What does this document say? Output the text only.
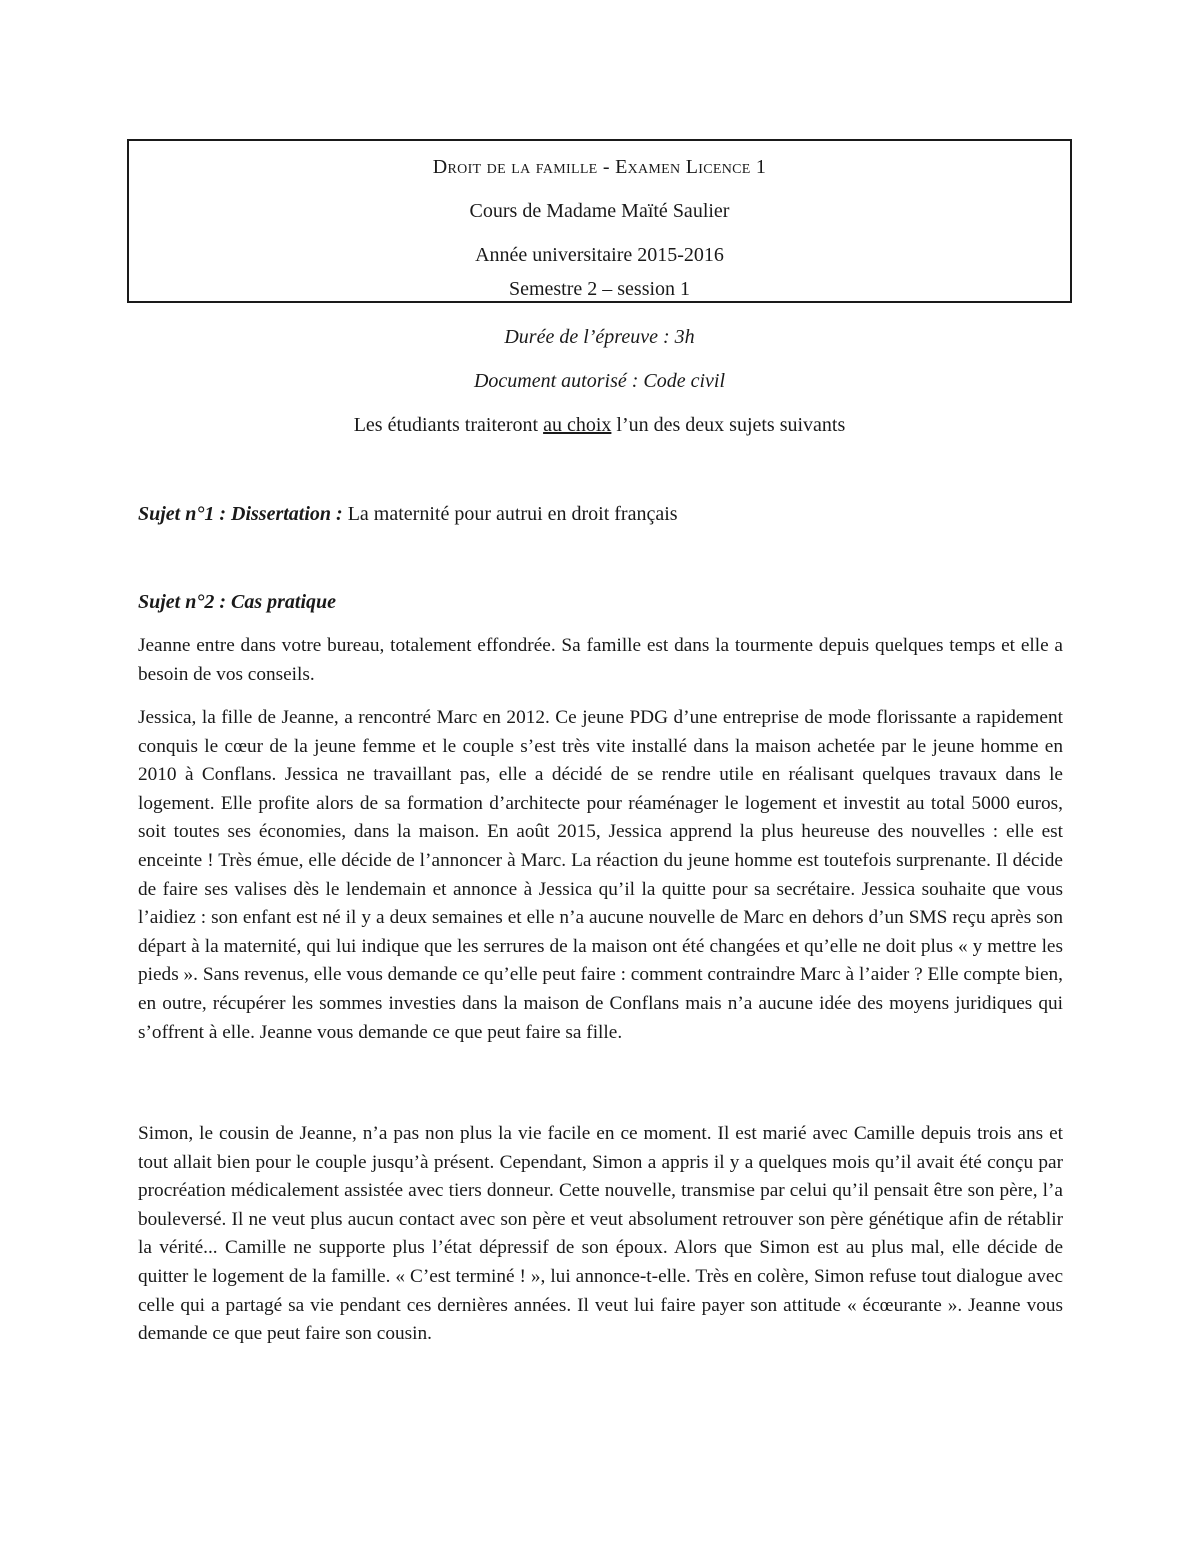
Droit de la famille - Examen Licence 1
Cours de Madame Maïté Saulier
Année universitaire 2015-2016
Semestre 2 – session 1
Durée de l’épreuve : 3h
Document autorisé : Code civil
Les étudiants traiteront au choix l’un des deux sujets suivants
Sujet n°1 : Dissertation : La maternité pour autrui en droit français
Sujet n°2 : Cas pratique

Jeanne entre dans votre bureau, totalement effondrée. Sa famille est dans la tourmente depuis quelques temps et elle a besoin de vos conseils.

Jessica, la fille de Jeanne, a rencontré Marc en 2012. Ce jeune PDG d’une entreprise de mode florissante a rapidement conquis le cœur de la jeune femme et le couple s’est très vite installé dans la maison achetée par le jeune homme en 2010 à Conflans. Jessica ne travaillant pas, elle a décidé de se rendre utile en réalisant quelques travaux dans le logement. Elle profite alors de sa formation d’architecte pour réaménager le logement et investit au total 5000 euros, soit toutes ses économies, dans la maison. En août 2015, Jessica apprend la plus heureuse des nouvelles : elle est enceinte ! Très émue, elle décide de l’annoncer à Marc. La réaction du jeune homme est toutefois surprenante. Il décide de faire ses valises dès le lendemain et annonce à Jessica qu’il la quitte pour sa secrétaire. Jessica souhaite que vous l’aidiez : son enfant est né il y a deux semaines et elle n’a aucune nouvelle de Marc en dehors d’un SMS reçu après son départ à la maternité, qui lui indique que les serrures de la maison ont été changées et qu’elle ne doit plus « y mettre les pieds ». Sans revenus, elle vous demande ce qu’elle peut faire : comment contraindre Marc à l’aider ? Elle compte bien, en outre, récupérer les sommes investies dans la maison de Conflans mais n’a aucune idée des moyens juridiques qui s’offrent à elle. Jeanne vous demande ce que peut faire sa fille.

Simon, le cousin de Jeanne, n’a pas non plus la vie facile en ce moment. Il est marié avec Camille depuis trois ans et tout allait bien pour le couple jusqu’à présent. Cependant, Simon a appris il y a quelques mois qu’il avait été conçu par procréation médicalement assistée avec tiers donneur. Cette nouvelle, transmise par celui qu’il pensait être son père, l’a bouleversé. Il ne veut plus aucun contact avec son père et veut absolument retrouver son père génétique afin de rétablir la vérité... Camille ne supporte plus l’état dépressif de son époux. Alors que Simon est au plus mal, elle décide de quitter le logement de la famille. « C’est terminé ! », lui annonce-t-elle. Très en colère, Simon refuse tout dialogue avec celle qui a partagé sa vie pendant ces dernières années. Il veut lui faire payer son attitude « écœurante ». Jeanne vous demande ce que peut faire son cousin.
